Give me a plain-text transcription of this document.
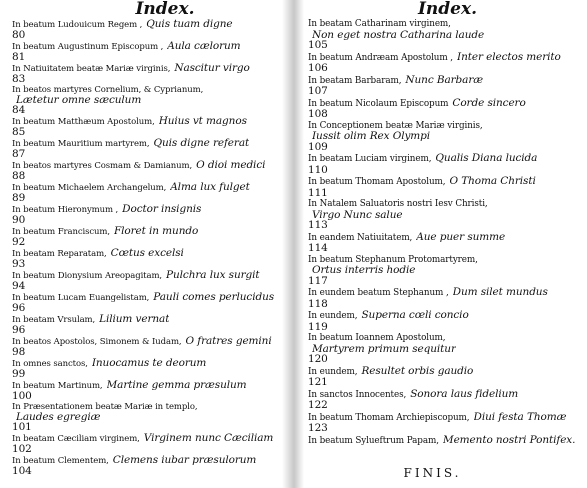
Index.
In beatum Ludouicum Regem , Quis tuam digne
80
In beatum Augustinum Episcopum , Aula cælorum
81
In Natiuitatem beatæ Mariæ virginis, Nascitur virgo
83
In beatos martyres Cornelium, & Cyprianum,
Lætetur omne sæculum
84
In beatum Matthæum Apostolum, Huius vt magnos
85
In beatum Mauritium martyrem, Quis digne referat
87
In beatos martyres Cosmam & Damianum, O dioi medici
88
In beatum Michaelem Archangelum, Alma lux fulget
89
In beatum Hieronymum , Doctor insignis
90
In beatum Franciscum, Floret in mundo
92
In beatam Reparatam, Cœtus excelsi
93
In beatum Dionysium Areopagitam, Pulchra lux surgit
94
In beatum Lucam Euangelistam, Pauli comes perlucidus
96
In beatam Vrsulam, Lilium vernat
96
In beatos Apostolos, Simonem & Iudam, O fratres gemini
98
In omnes sanctos, Inuocamus te deorum
99
In beatum Martinum, Martine gemma præsulum
100
In Præsentationem beatæ Mariæ in templo,
Laudes egregiæ
101
In beatam Cæciliam virginem, Virginem nunc Cæciliam
102
In beatum Clementem, Clemens iubar præsulorum
104
Index.
In beatam Catharinam virginem,
Non eget nostra Catharina laude
105
In beatum Andræam Apostolum , Inter electos merito
106
In beatam Barbaram, Nunc Barbaræ
107
In beatum Nicolaum Episcopum Corde sincero
108
In Conceptionem beatæ Mariæ virginis,
Iussit olim Rex Olympi
109
In beatam Luciam virginem, Qualis Diana lucida
110
In beatum Thomam Apostolum, O Thoma Christi
111
In Natalem Saluatoris nostri Iesv Christi,
Virgo Nunc salue
113
In eandem Natiuitatem, Aue puer summe
114
In beatum Stephanum Protomartyrem,
Ortus interris hodie
117
In eundem beatum Stephanum , Dum silet mundus
118
In eundem, Superna cœli concio
119
In beatum Ioannem Apostolum,
Martyrem primum sequitur
120
In eundem, Resultet orbis gaudio
121
In sanctos Innocentes, Sonora laus fidelium
122
In beatum Thomam Archiepiscopum, Diui festa Thomæ
123
In beatum Sylueftrum Papam, Memento nostri Pontifex.
FINIS.
